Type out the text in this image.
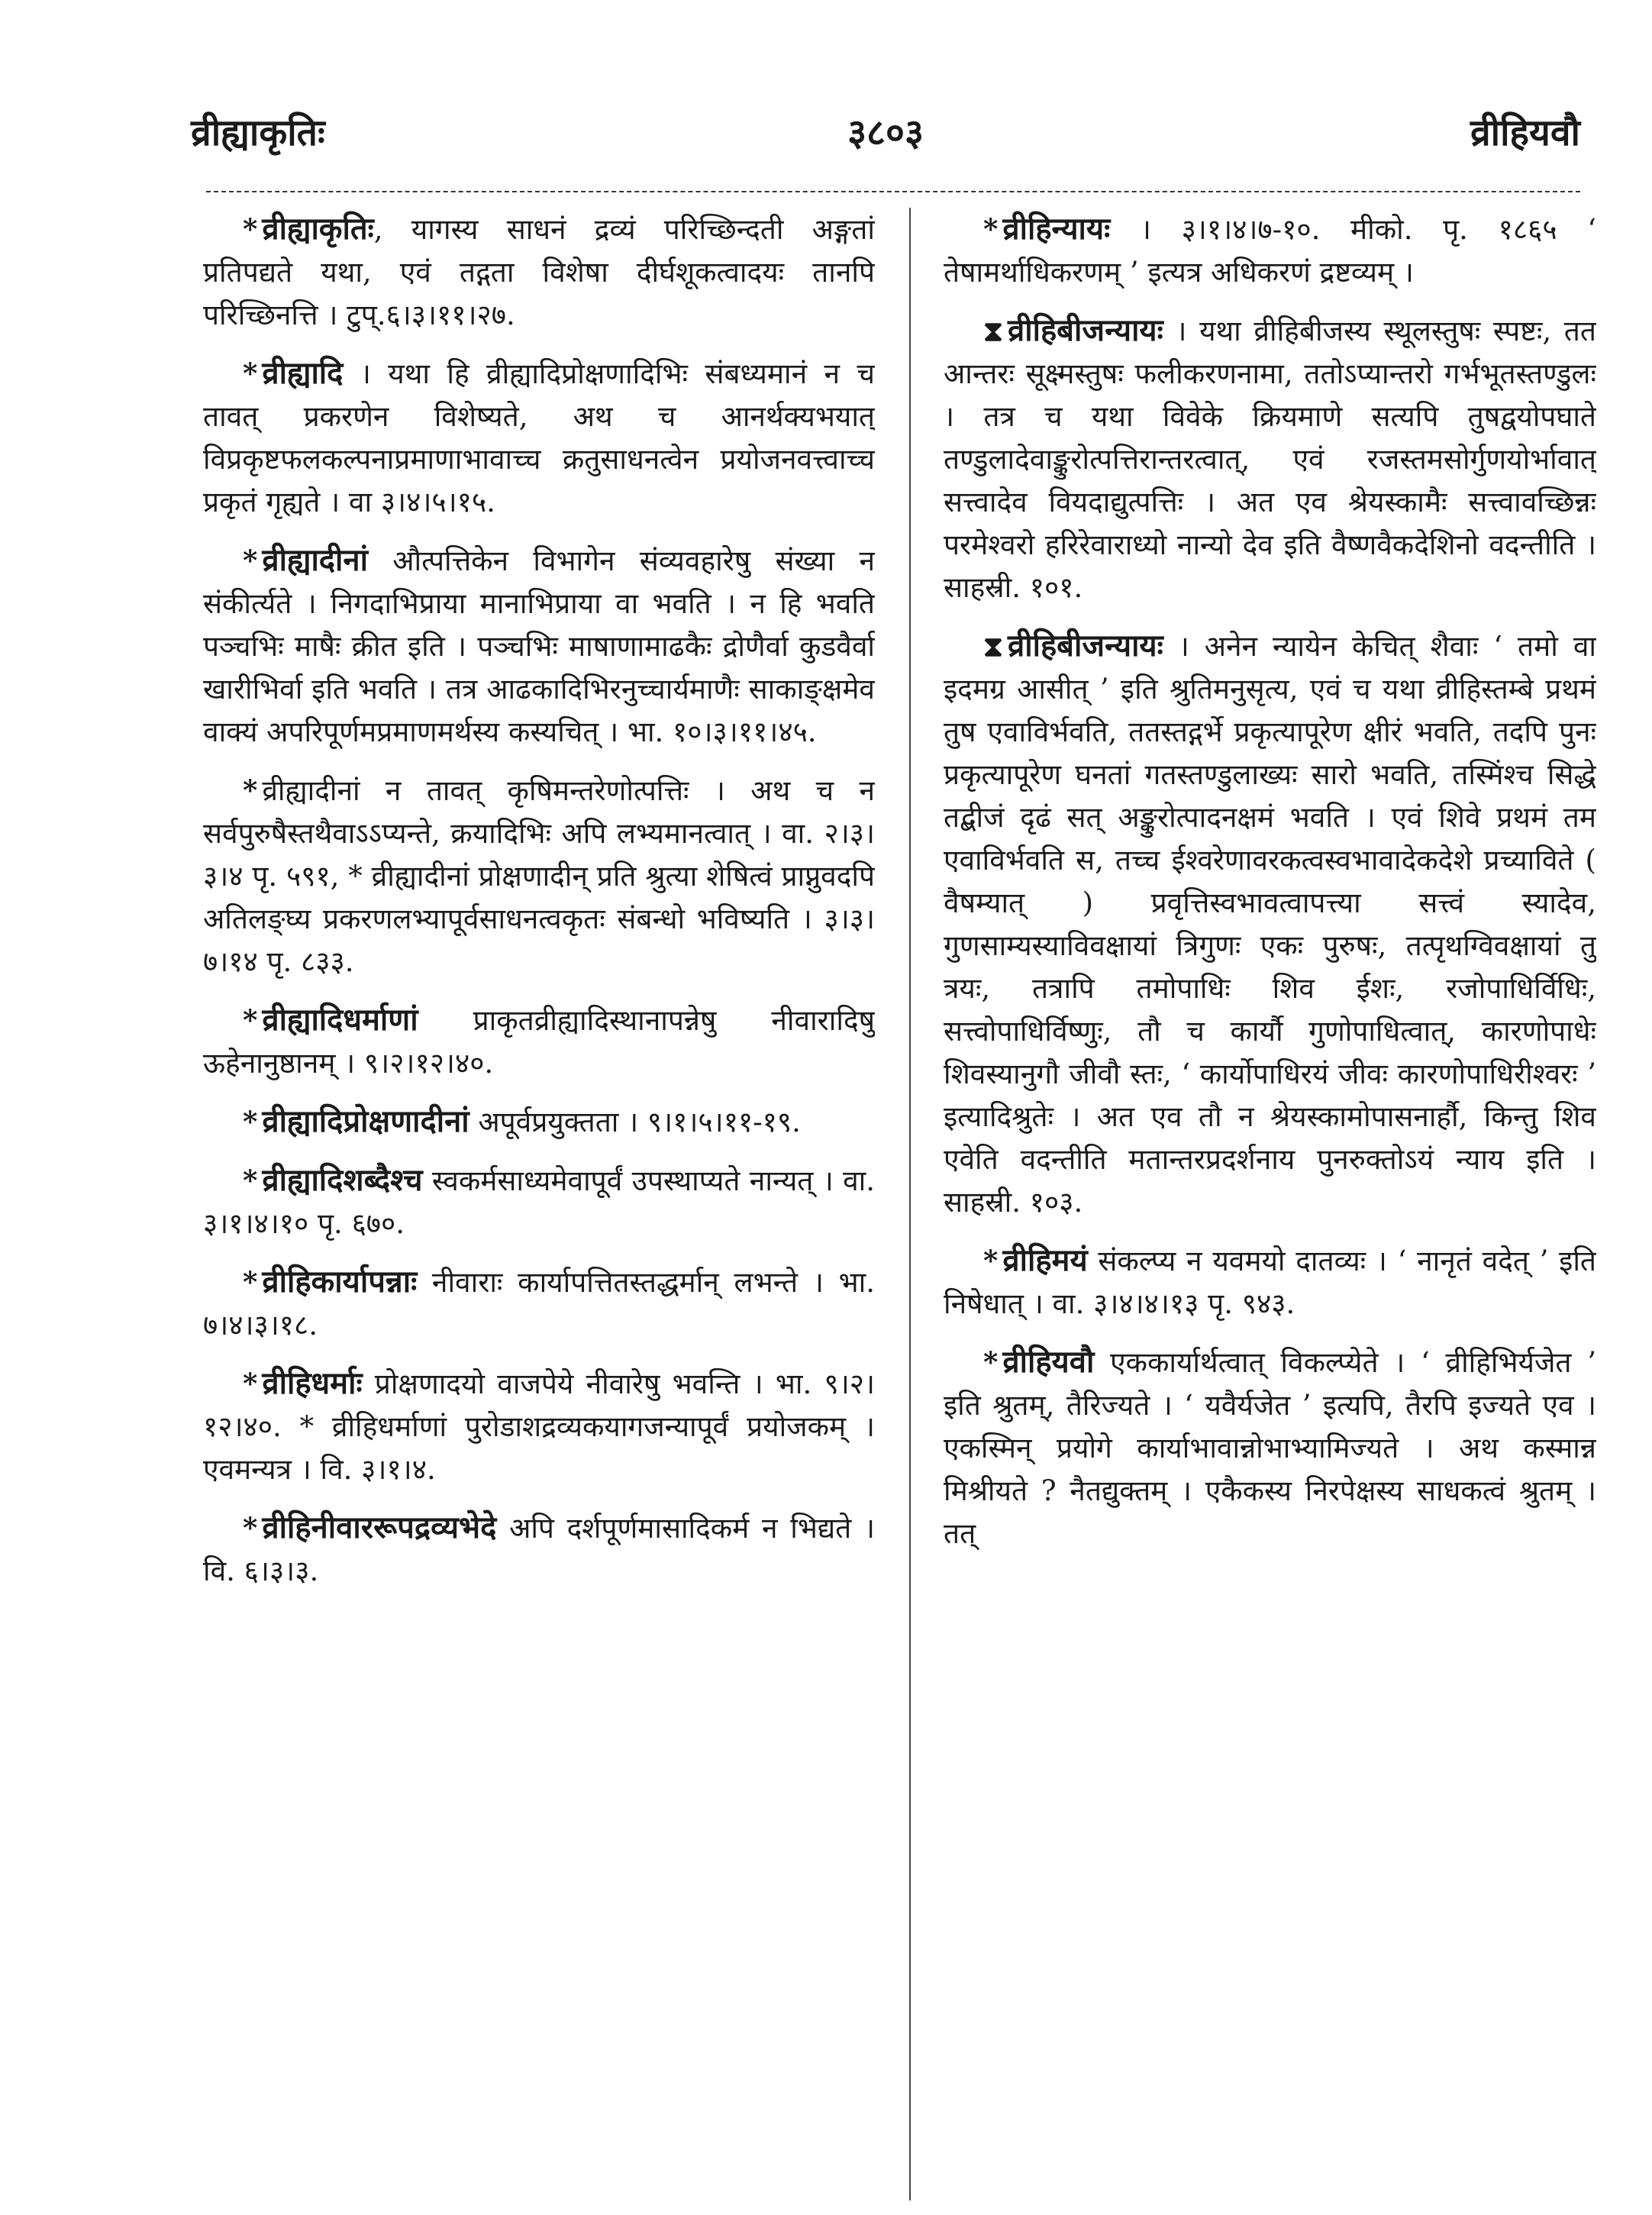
व्रीह्याकृतिः	३८०३	व्रीहियवौ

* व्रीह्याकृतिः, यागस्य साधनं द्रव्यं परिच्छिन्दती अङ्गतां प्रतिपद्यते यथा, एवं तद्गता विशेषा दीर्घशूकत्वादयः तानपि परिच्छिनत्ति । टुप्.६।३।११।२७.

* व्रीह्यादि । यथा हि व्रीह्यादिप्रोक्षणादिभिः संबध्यमानं न च तावत् प्रकरणेन विशेष्यते, अथ च आनर्थक्यभयात् विप्रकृष्टफलकल्पनाप्रमाणाभावाच्च क्रतुसाधनत्वेन प्रयोजनवत्त्वाच्च प्रकृतं गृह्यते । वा ३।४।५।१५.

* व्रीह्यादीनां औत्पत्तिकेन विभागेन संव्यवहारेषु संख्या न संकीर्त्यते । निगदाभिप्राया मानाभिप्राया वा भवति । न हि भवति पञ्चभिः माषैः क्रीत इति । पञ्चभिः माषाणामाढकैः द्रोणैर्वा कुडवैर्वा खारीभिर्वा इति भवति । तत्र आढकादिभिरनुच्चार्यमाणैः साकाङ्क्षमेव वाक्यं अपरिपूर्णमप्रमाणमर्थस्य कस्यचित् । भा. १०।३।११।४५.

* व्रीह्यादीनां न तावत् कृषिमन्तरेणोत्पत्तिः । अथ च न सर्वपुरुषैस्तथैवाऽऽप्यन्ते, क्रयादिभिः अपि लभ्यमानत्वात् । वा. २।३।३।४ पृ. ५९१, * व्रीह्यादीनां प्रोक्षणादीन् प्रति श्रुत्या शेषित्वं प्राप्नुवदपि अतिलङ्घ्य प्रकरणलभ्यापूर्वसाधनत्वकृतः संबन्धो भविष्यति । ३।३।७।१४ पृ. ८३३.

* व्रीह्यादिधर्माणां प्राकृतव्रीह्यादिस्थानापन्नेषु नीवारादिषु ऊहेनानुष्ठानम् । ९।२।१२।४०.

* व्रीह्यादिप्रोक्षणादीनां अपूर्वप्रयुक्तता । ९।१।५।११-१९.

* व्रीह्यादिशब्दैश्च स्वकर्मसाध्यमेवापूर्वं उपस्थाप्यते नान्यत् । वा. ३।१।४।१० पृ. ६७०.

* व्रीहिकार्यापन्नाः नीवाराः कार्यापत्तितस्तद्धर्मान् लभन्ते । भा. ७।४।३।१८.

* व्रीहिधर्माः प्रोक्षणादयो वाजपेये नीवारेषु भवन्ति । भा. ९।२।१२।४०. * व्रीहिधर्माणां पुरोडाशद्रव्यकयागजन्यापूर्वं प्रयोजकम् । एवमन्यत्र । वि. ३।१।४.

* व्रीहिनीवाररूपद्रव्यभेदे अपि दर्शपूर्णमासादिकर्म न भिद्यते । वि. ६।३।३.

* व्रीहिन्यायः । ३।१।४।७-१०. मीको. पृ. १८६५ ‘ तेषामर्थाधिकरणम् ’ इत्यत्र अधिकरणं द्रष्टव्यम् ।

⧗ व्रीहिबीजन्यायः । यथा व्रीहिबीजस्य स्थूलस्तुषः स्पष्टः, तत आन्तरः सूक्ष्मस्तुषः फलीकरणनामा, ततोऽप्यान्तरो गर्भभूतस्तण्डुलः । तत्र च यथा विवेके क्रियमाणे सत्यपि तुषद्वयोपघाते तण्डुलादेवाङ्कुरोत्पत्तिरान्तरत्वात्, एवं रजस्तमसोर्गुणयोर्भावात् सत्त्वादेव वियदाद्युत्पत्तिः । अत एव श्रेयस्कामैः सत्त्वावच्छिन्नः परमेश्वरो हरिरेवाराध्यो नान्यो देव इति वैष्णवैकदेशिनो वदन्तीति । साहस्री. १०१.

⧗ व्रीहिबीजन्यायः । अनेन न्यायेन केचित् शैवाः ‘ तमो वा इदमग्र आसीत् ’ इति श्रुतिमनुसृत्य, एवं च यथा व्रीहिस्तम्बे प्रथमं तुष एवाविर्भवति, ततस्तद्गर्भे प्रकृत्यापूरेण क्षीरं भवति, तदपि पुनः प्रकृत्यापूरेण घनतां गतस्तण्डुलाख्यः सारो भवति, तस्मिंश्च सिद्धे तद्बीजं दृढं सत् अङ्कुरोत्पादनक्षमं भवति । एवं शिवे प्रथमं तम एवाविर्भवति स, तच्च ईश्वरेणावरकत्वस्वभावादेकदेशे प्रच्याविते ( वैषम्यात् ) प्रवृत्तिस्वभावत्वापत्त्या सत्त्वं स्यादेव, गुणसाम्यस्याविवक्षायां त्रिगुणः एकः पुरुषः, तत्पृथग्विवक्षायां तु त्रयः, तत्रापि तमोपाधिः शिव ईशः, रजोपाधिर्विधिः, सत्त्वोपाधिर्विष्णुः, तौ च कार्यौ गुणोपाधित्वात्, कारणोपाधेः शिवस्यानुगौ जीवौ स्तः, ‘ कार्योपाधिरयं जीवः कारणोपाधिरीश्वरः ’ इत्यादिश्रुतेः । अत एव तौ न श्रेयस्कामोपासनार्हौ, किन्तु शिव एवेति वदन्तीति मतान्तरप्रदर्शनाय पुनरुक्तोऽयं न्याय इति । साहस्री. १०३.

* व्रीहिमयं संकल्प्य न यवमयो दातव्यः । ‘ नानृतं वदेत् ’ इति निषेधात् । वा. ३।४।४।१३ पृ. ९४३.

* व्रीहियवौ एककार्यार्थत्वात् विकल्प्येते । ‘ व्रीहिभिर्यजेत ’ इति श्रुतम्, तैरिज्यते । ‘ यवैर्यजेत ’ इत्यपि, तैरपि इज्यते एव । एकस्मिन् प्रयोगे कार्याभावान्नोभाभ्यामिज्यते । अथ कस्मान्न मिश्रीयते ? नैतद्युक्तम् । एकैकस्य निरपेक्षस्य साधकत्वं श्रुतम् । तत्
